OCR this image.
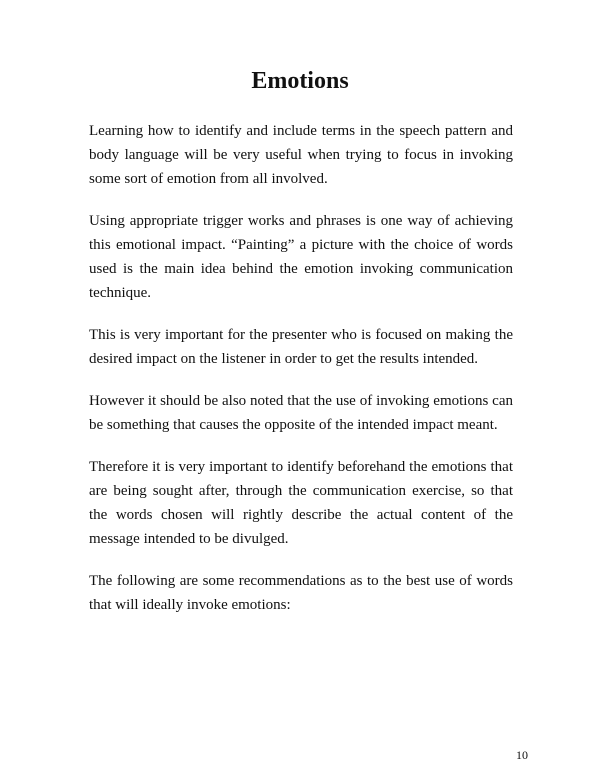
Emotions

Learning how to identify and include terms in the speech pattern and body language will be very useful when trying to focus in invoking some sort of emotion from all involved.

Using appropriate trigger works and phrases is one way of achieving this emotional impact. “Painting” a picture with the choice of words used is the main idea behind the emotion invoking communication technique.

This is very important for the presenter who is focused on making the desired impact on the listener in order to get the results intended.

However it should be also noted that the use of invoking emotions can be something that causes the opposite of the intended impact meant.

Therefore it is very important to identify beforehand the emotions that are being sought after, through the communication exercise, so that the words chosen will rightly describe the actual content of the message intended to be divulged.

The following are some recommendations as to the best use of words that will ideally invoke emotions:

10
